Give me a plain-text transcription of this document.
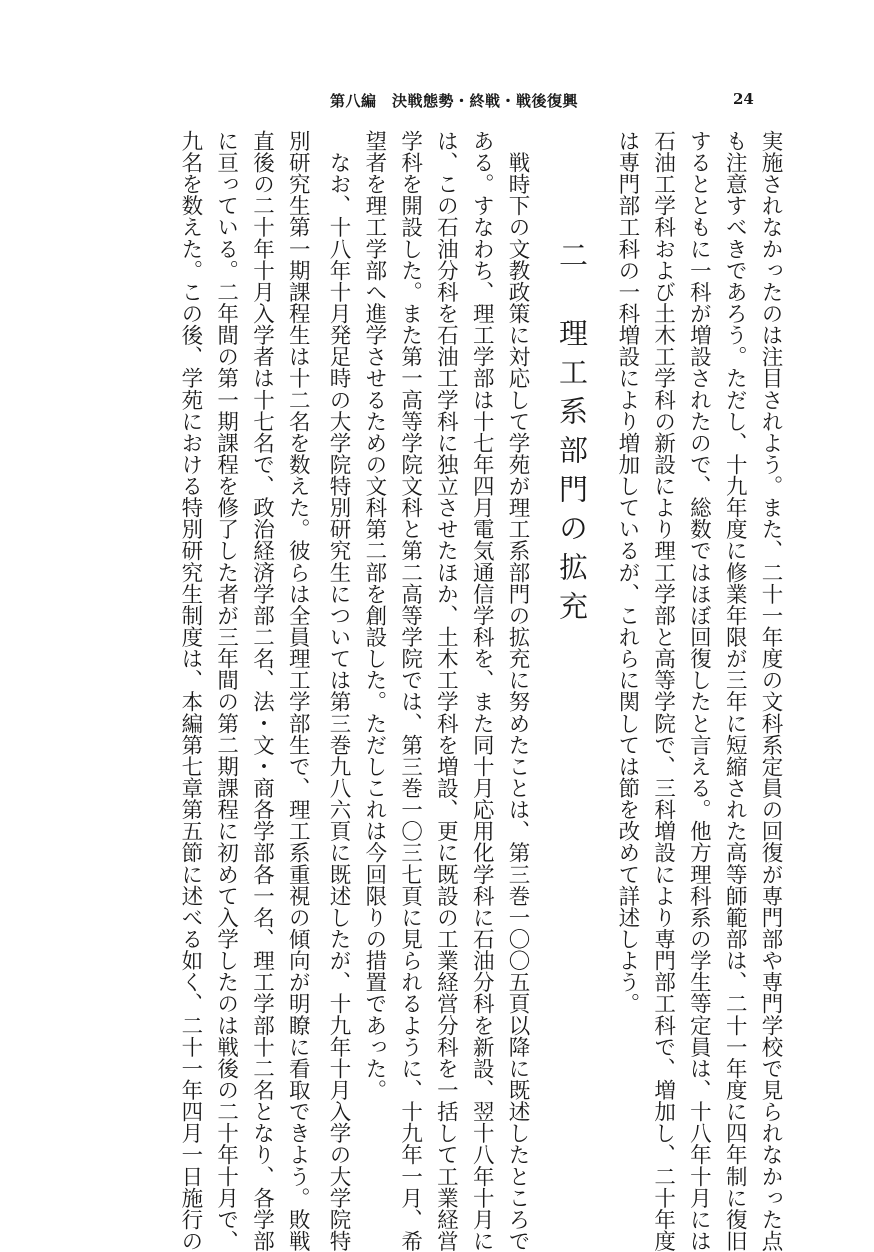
第八編　決戦態勢・終戦・戦後復興	24
実施されなかったのは注目されよう。また、二十一年度の文科系定員の回復が専門部や専門学校で見られなかった点
も注意すべきであろう。ただし、十九年度に修業年限が三年に短縮された高等師範部は、二十一年度に四年制に復旧
するとともに一科が増設されたので、総数ではほぼ回復したと言える。他方理科系の学生等定員は、十八年十月には
石油工学科および土木工学科の新設により理工学部と高等学院で、三科増設により専門部工科で、増加し、二十年度
は専門部工科の一科増設により増加しているが、これらに関しては節を改めて詳述しよう。
二　理工系部門の拡充
　戦時下の文教政策に対応して学苑が理工系部門の拡充に努めたことは、第三巻一〇〇五頁以降に既述したところで
ある。すなわち、理工学部は十七年四月電気通信学科を、また同十月応用化学科に石油分科を新設、翌十八年十月に
は、この石油分科を石油工学科に独立させたほか、土木工学科を増設、更に既設の工業経営分科を一括して工業経営
学科を開設した。また第一高等学院文科と第二高等学院では、第三巻一〇三七頁に見られるように、十九年一月、希
望者を理工学部へ進学させるための文科第二部を創設した。ただしこれは今回限りの措置であった。
　なお、十八年十月発足時の大学院特別研究生については第三巻九八六頁に既述したが、十九年十月入学の大学院特
別研究生第一期課程生は十二名を数えた。彼らは全員理工学部生で、理工系重視の傾向が明瞭に看取できよう。敗戦
直後の二十年十月入学者は十七名で、政治経済学部二名、法・文・商各学部各一名、理工学部十二名となり、各学部
に亘っている。二年間の第一期課程を修了した者が三年間の第二期課程に初めて入学したのは戦後の二十年十月で、
九名を数えた。この後、学苑における特別研究生制度は、本編第七章第五節に述べる如く、二十一年四月一日施行の
